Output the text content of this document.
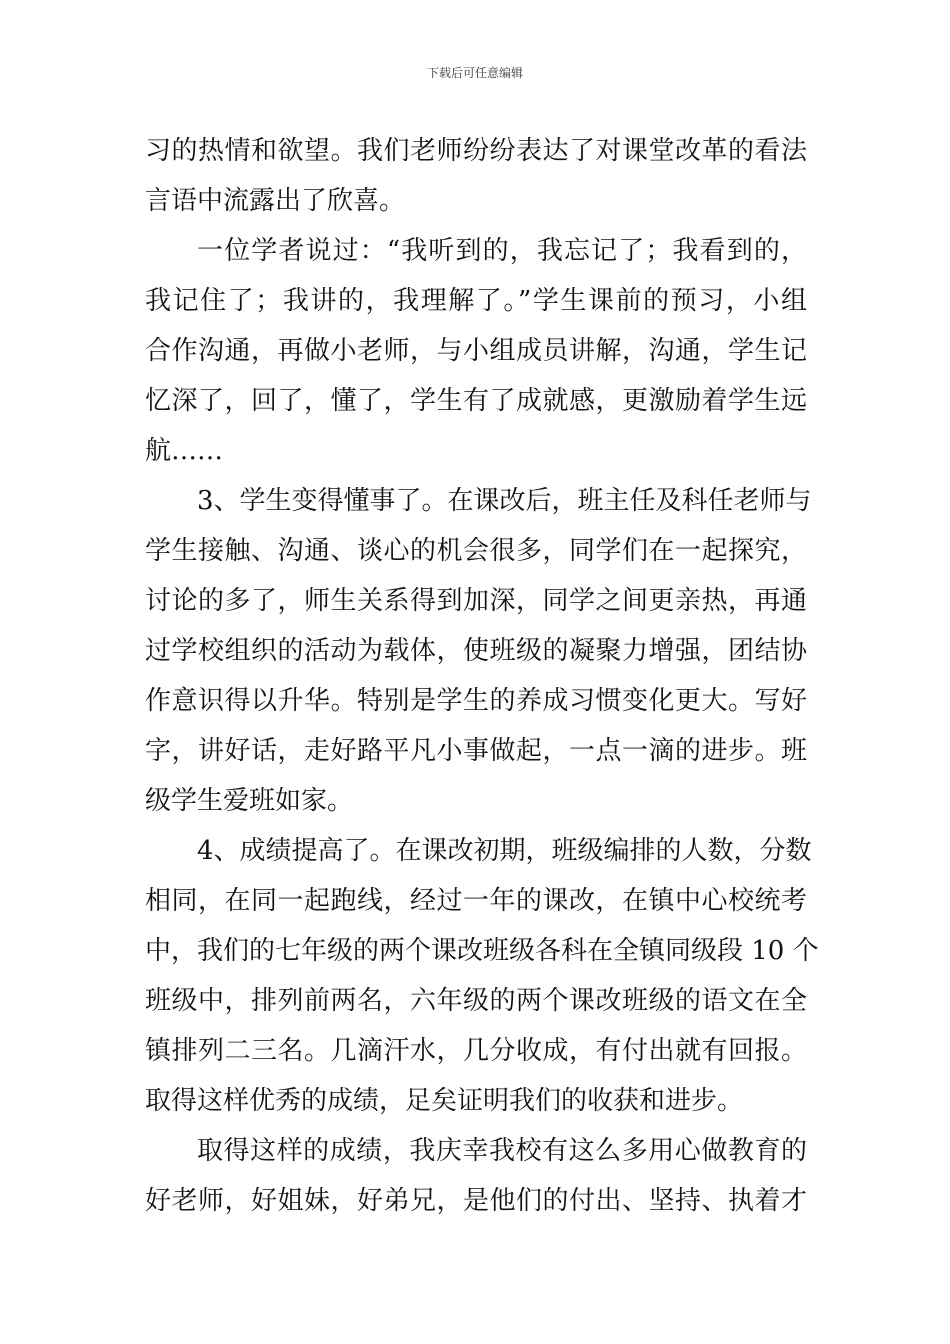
下载后可任意编辑
习的热情和欲望。我们老师纷纷表达了对课堂改革的看法
言语中流露出了欣喜。
一位学者说过：“我听到的，我忘记了；我看到的，
我记住了；我讲的，我理解了。”学生课前的预习，小组
合作沟通，再做小老师，与小组成员讲解，沟通，学生记
忆深了，回了，懂了，学生有了成就感，更激励着学生远
航……
3、学生变得懂事了。在课改后，班主任及科任老师与
学生接触、沟通、谈心的机会很多，同学们在一起探究，
讨论的多了，师生关系得到加深，同学之间更亲热，再通
过学校组织的活动为载体，使班级的凝聚力增强，团结协
作意识得以升华。特别是学生的养成习惯变化更大。写好
字，讲好话，走好路平凡小事做起，一点一滴的进步。班
级学生爱班如家。
4、成绩提高了。在课改初期，班级编排的人数，分数
相同，在同一起跑线，经过一年的课改，在镇中心校统考
中，我们的七年级的两个课改班级各科在全镇同级段 10 个
班级中，排列前两名，六年级的两个课改班级的语文在全
镇排列二三名。几滴汗水，几分收成，有付出就有回报。
取得这样优秀的成绩，足矣证明我们的收获和进步。
取得这样的成绩，我庆幸我校有这么多用心做教育的
好老师，好姐妹，好弟兄，是他们的付出、坚持、执着才
